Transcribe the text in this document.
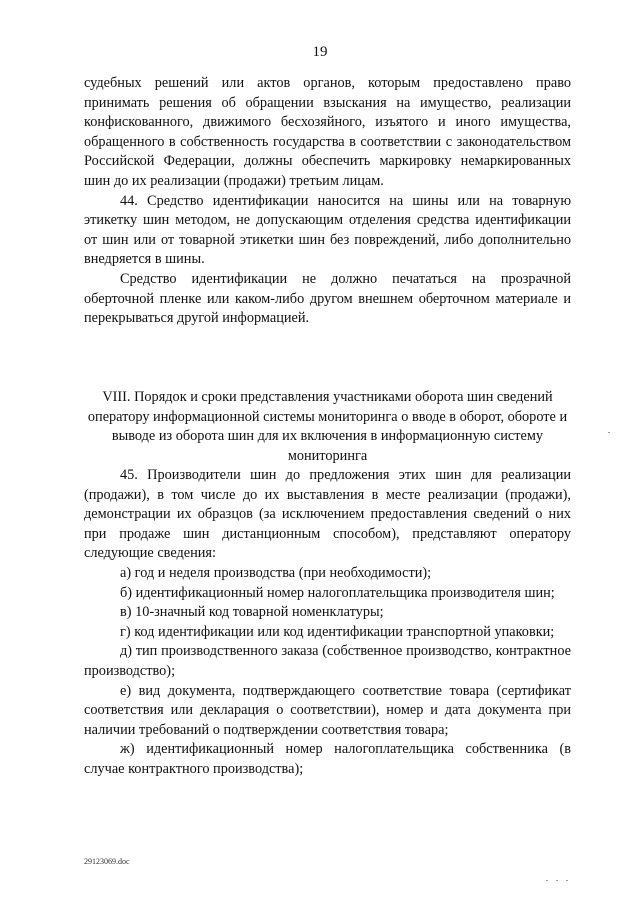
19

судебных решений или актов органов, которым предоставлено право принимать решения об обращении взыскания на имущество, реализации конфискованного, движимого бесхозяйного, изъятого и иного имущества, обращенного в собственность государства в соответствии с законодательством Российской Федерации, должны обеспечить маркировку немаркированных шин до их реализации (продажи) третьим лицам.

44. Средство идентификации наносится на шины или на товарную этикетку шин методом, не допускающим отделения средства идентификации от шин или от товарной этикетки шин без повреждений, либо дополнительно внедряется в шины.

Средство идентификации не должно печататься на прозрачной оберточной пленке или каком-либо другом внешнем оберточном материале и перекрываться другой информацией.

VIII. Порядок и сроки представления участниками оборота шин сведений оператору информационной системы мониторинга о вводе в оборот, обороте и выводе из оборота шин для их включения в информационную систему мониторинга

45. Производители шин до предложения этих шин для реализации (продажи), в том числе до их выставления в месте реализации (продажи), демонстрации их образцов (за исключением предоставления сведений о них при продаже шин дистанционным способом), представляют оператору следующие сведения:

а) год и неделя производства (при необходимости);

б) идентификационный номер налогоплательщика производителя шин;

в) 10-значный код товарной номенклатуры;

г) код идентификации или код идентификации транспортной упаковки;

д) тип производственного заказа (собственное производство, контрактное производство);

е) вид документа, подтверждающего соответствие товара (сертификат соответствия или декларация о соответствии), номер и дата документа при наличии требований о подтверждении соответствия товара;

ж) идентификационный номер налогоплательщика собственника (в случае контрактного производства);

29123069.doc
